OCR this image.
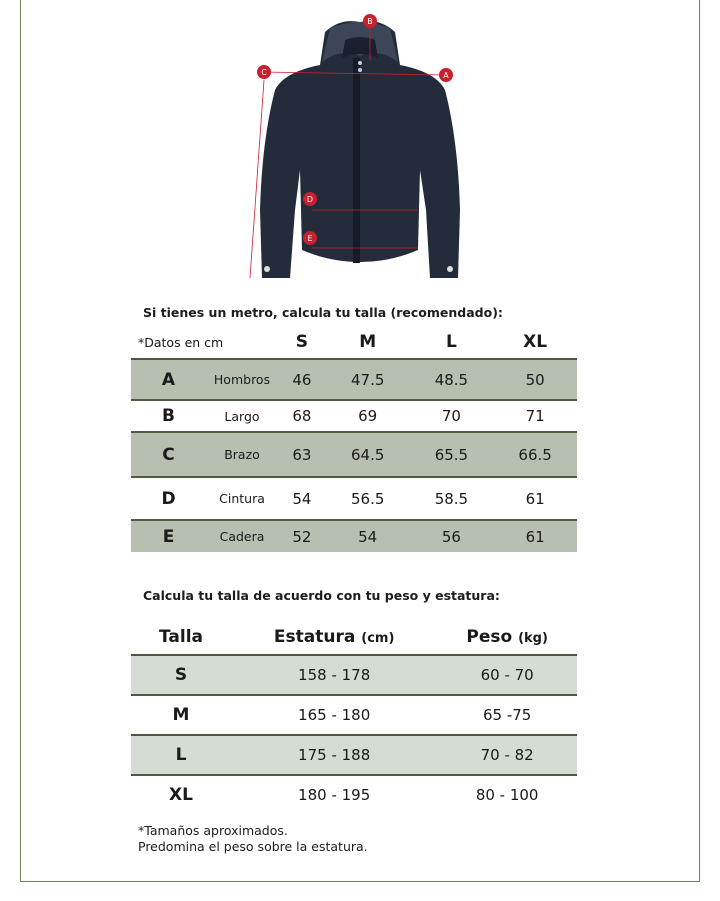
A
B
C
D
E
Si tienes un metro, calcula tu talla (recomendado):
*Datos en cm		S	M	L	XL
A	Hombros	46	47.5	48.5	50
B	Largo	68	69	70	71
C	Brazo	63	64.5	65.5	66.5
D	Cintura	54	56.5	58.5	61
E	Cadera	52	54	56	61
Calcula tu talla de acuerdo con tu peso y estatura:
Talla	Estatura (cm)	Peso (kg)
S	158 - 178	60 - 70
M	165 - 180	65 -75
L	175 - 188	70 - 82
XL	180 - 195	80 - 100
*Tamaños aproximados.
Predomina el peso sobre la estatura.
